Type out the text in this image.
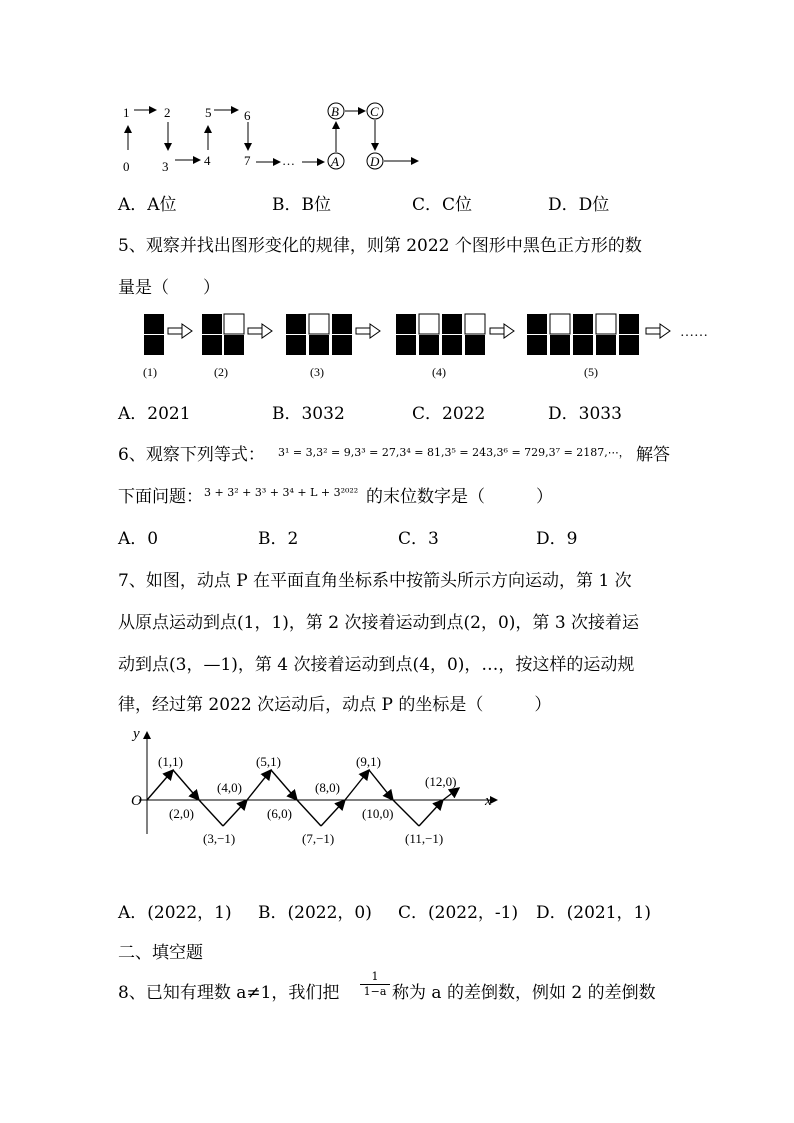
1	2
3	4
5	6
7
0	…
B C
A D
A．A位	B．B位	C．C位	D．D位
5、观察并找出图形变化的规律，则第 2022 个图形中黑色正方形的数
量是（　　）
……
(1)	(2)	(3)	(4)	(5)
A．2021	B．3032	C．2022	D．3033
6、观察下列等式： 3¹ = 3,3² = 9,3³ = 27,3⁴ = 81,3⁵ = 243,3⁶ = 729,3⁷ = 2187,⋯， 解答
下面问题： 3 + 3² + 3³ + 3⁴ + L + 3²⁰²² 的末位数字是（　　　）
A．0	B．2	C．3	D．9
7、如图，动点 P 在平面直角坐标系中按箭头所示方向运动，第 1 次
从原点运动到点(1，1)，第 2 次接着运动到点(2，0)，第 3 次接着运
动到点(3，—1)，第 4 次接着运动到点(4，0)，…，按这样的运动规
律，经过第 2022 次运动后，动点 P 的坐标是（　　　）
y
x
O
(1,1)
(2,0)
(3,−1)
(4,0)
(5,1)
(6,0)
(7,−1)
(8,0)
(9,1)
(10,0)
(11,−1)
(12,0)
A．(2022，1) B．(2022，0) C．(2022，-1) D．(2021，1)
二、填空题
8、已知有理数 a≠1，我们把 $\frac{1}{1-a}$ 称为 a 的差倒数，例如 2 的差倒数
